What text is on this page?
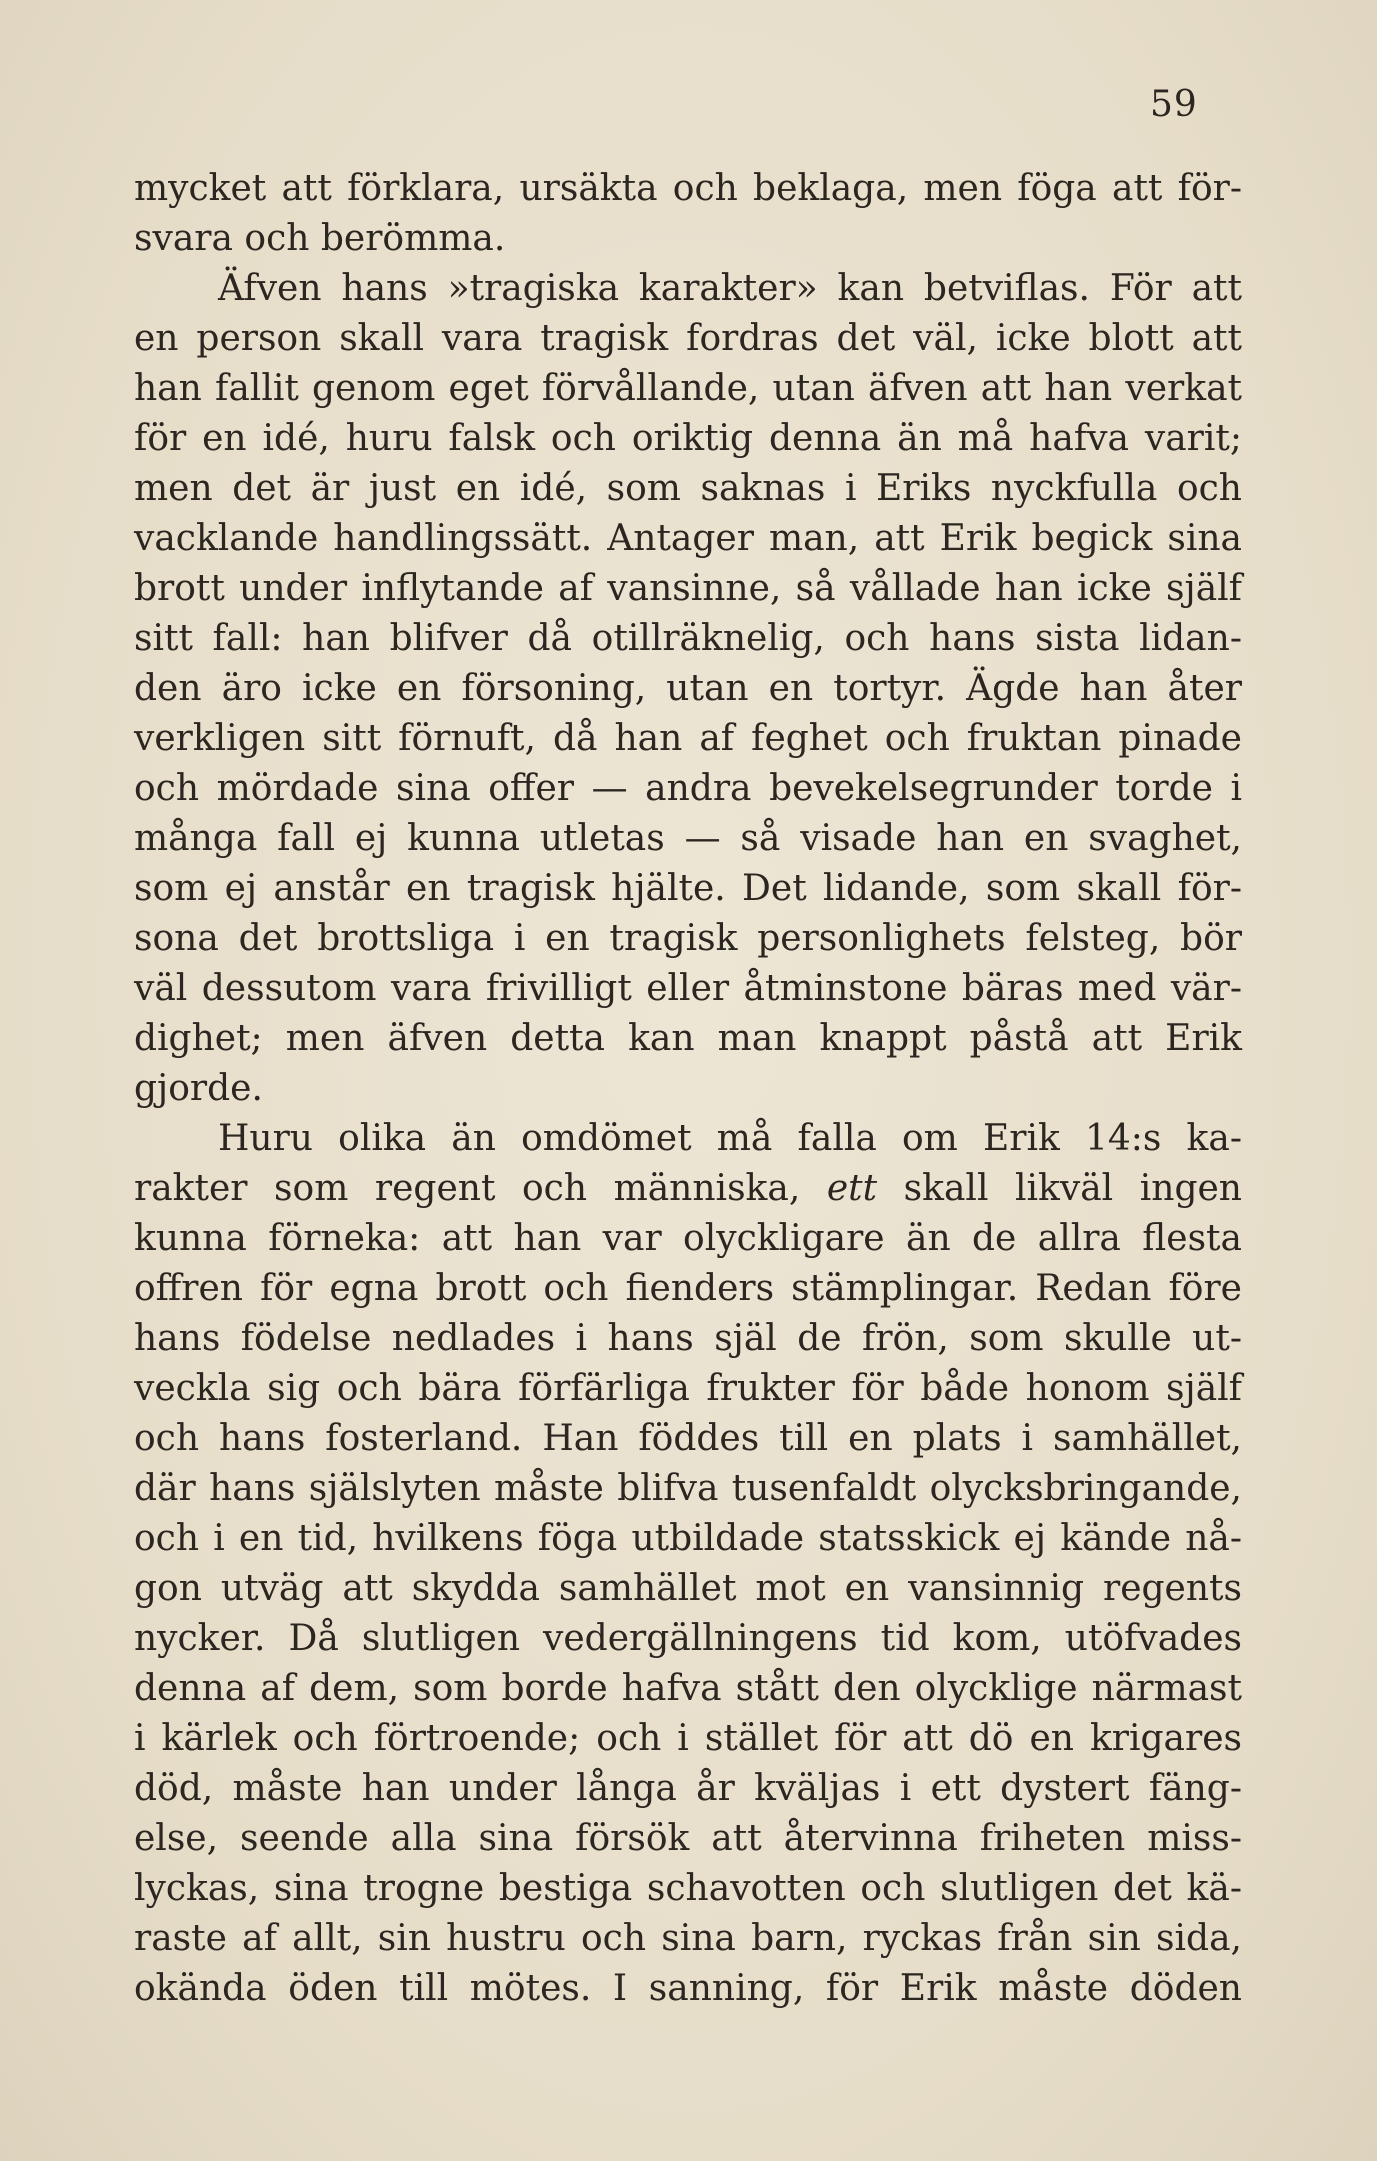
59
mycket att förklara, ursäkta och beklaga, men föga att för-
svara och berömma.
Äfven hans »tragiska karakter» kan betviflas. För att
en person skall vara tragisk fordras det väl, icke blott att
han fallit genom eget förvållande, utan äfven att han verkat
för en idé, huru falsk och oriktig denna än må hafva varit;
men det är just en idé, som saknas i Eriks nyckfulla och
vacklande handlingssätt. Antager man, att Erik begick sina
brott under inflytande af vansinne, så vållade han icke själf
sitt fall: han blifver då otillräknelig, och hans sista lidan-
den äro icke en försoning, utan en tortyr. Ägde han åter
verkligen sitt förnuft, då han af feghet och fruktan pinade
och mördade sina offer — andra bevekelsegrunder torde i
många fall ej kunna utletas — så visade han en svaghet,
som ej anstår en tragisk hjälte. Det lidande, som skall för-
sona det brottsliga i en tragisk personlighets felsteg, bör
väl dessutom vara frivilligt eller åtminstone bäras med vär-
dighet; men äfven detta kan man knappt påstå att Erik
gjorde.
Huru olika än omdömet må falla om Erik 14:s ka-
rakter som regent och människa, ett skall likväl ingen
kunna förneka: att han var olyckligare än de allra flesta
offren för egna brott och fienders stämplingar. Redan före
hans födelse nedlades i hans själ de frön, som skulle ut-
veckla sig och bära förfärliga frukter för både honom själf
och hans fosterland. Han föddes till en plats i samhället,
där hans själslyten måste blifva tusenfaldt olycksbringande,
och i en tid, hvilkens föga utbildade statsskick ej kände nå-
gon utväg att skydda samhället mot en vansinnig regents
nycker. Då slutligen vedergällningens tid kom, utöfvades
denna af dem, som borde hafva stått den olycklige närmast
i kärlek och förtroende; och i stället för att dö en krigares
död, måste han under långa år kväljas i ett dystert fäng-
else, seende alla sina försök att återvinna friheten miss-
lyckas, sina trogne bestiga schavotten och slutligen det kä-
raste af allt, sin hustru och sina barn, ryckas från sin sida,
okända öden till mötes. I sanning, för Erik måste döden
